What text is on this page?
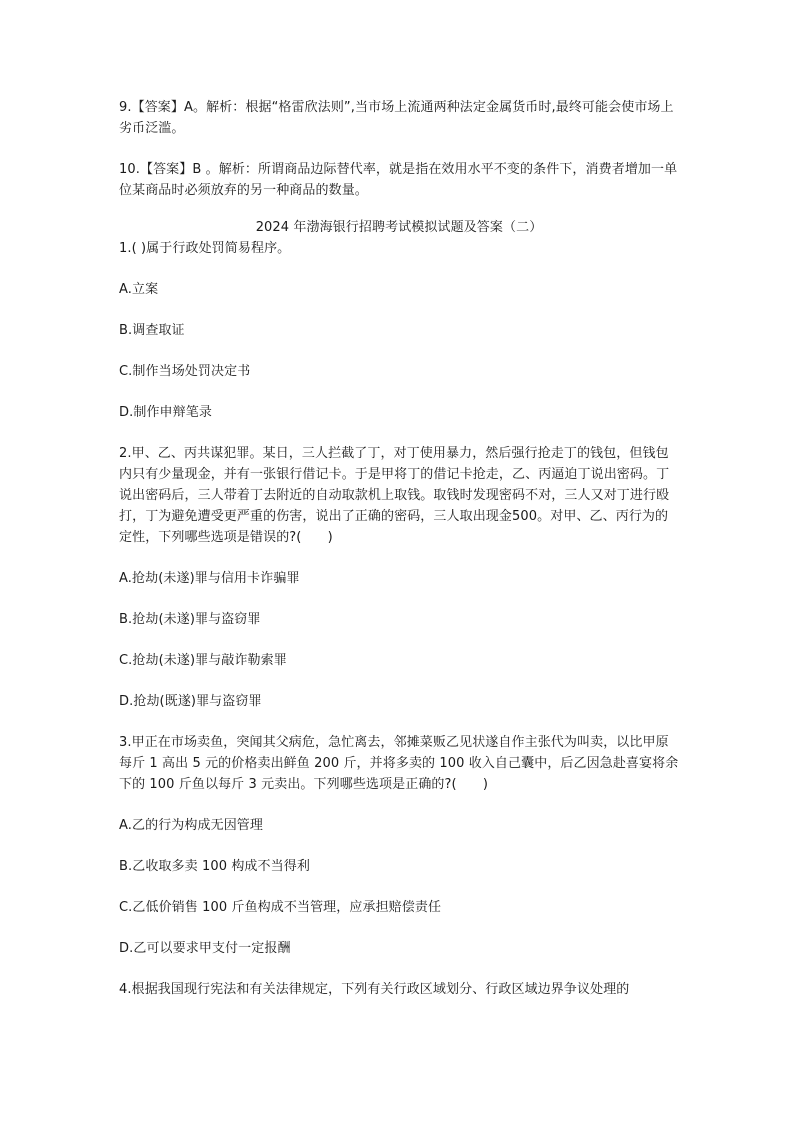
9.【答案】A。解析：根据“格雷欣法则”,当市场上流通两种法定金属货币时,最终可能会使市场上劣币泛滥。

10.【答案】B 。解析：所谓商品边际替代率，就是指在效用水平不变的条件下，消费者增加一单位某商品时必须放弃的另一种商品的数量。

2024 年渤海银行招聘考试模拟试题及答案（二）

1.( )属于行政处罚简易程序。

A.立案

B.调查取证

C.制作当场处罚决定书

D.制作申辩笔录

2.甲、乙、丙共谋犯罪。某日，三人拦截了丁，对丁使用暴力，然后强行抢走丁的钱包，但钱包内只有少量现金，并有一张银行借记卡。于是甲将丁的借记卡抢走，乙、丙逼迫丁说出密码。丁说出密码后，三人带着丁去附近的自动取款机上取钱。取钱时发现密码不对，三人又对丁进行殴打，丁为避免遭受更严重的伤害，说出了正确的密码，三人取出现金500。对甲、乙、丙行为的定性，下列哪些选项是错误的?(　　)

A.抢劫(未遂)罪与信用卡诈骗罪

B.抢劫(未遂)罪与盗窃罪

C.抢劫(未遂)罪与敲诈勒索罪

D.抢劫(既遂)罪与盗窃罪

3.甲正在市场卖鱼，突闻其父病危，急忙离去，邻摊菜贩乙见状遂自作主张代为叫卖，以比甲原每斤 1 高出 5 元的价格卖出鲜鱼 200 斤，并将多卖的 100 收入自己囊中，后乙因急赴喜宴将余下的 100 斤鱼以每斤 3 元卖出。下列哪些选项是正确的?(　　)

A.乙的行为构成无因管理

B.乙收取多卖 100 构成不当得利

C.乙低价销售 100 斤鱼构成不当管理，应承担赔偿责任

D.乙可以要求甲支付一定报酬

4.根据我国现行宪法和有关法律规定，下列有关行政区域划分、行政区域边界争议处理的
